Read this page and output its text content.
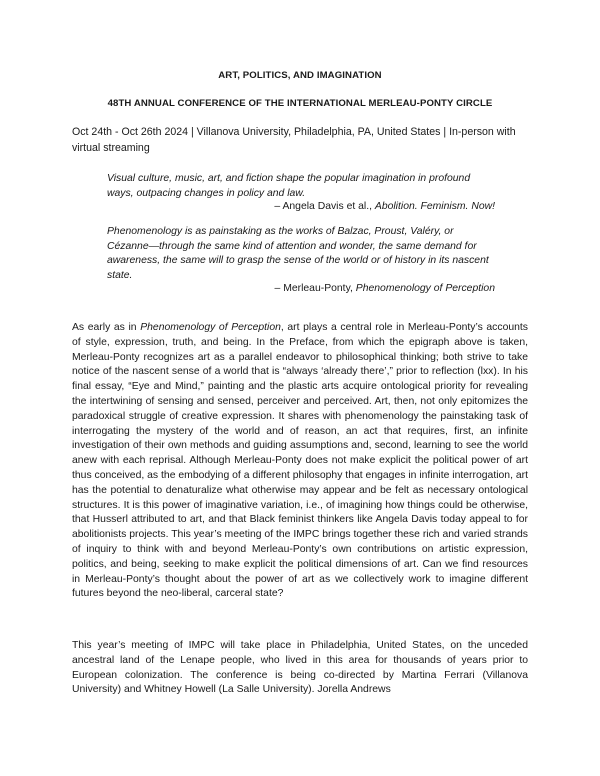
ART, POLITICS, AND IMAGINATION
48TH ANNUAL CONFERENCE OF THE INTERNATIONAL MERLEAU-PONTY CIRCLE
Oct 24th - Oct 26th 2024 | Villanova University, Philadelphia, PA, United States | In-person with virtual streaming
Visual culture, music, art, and fiction shape the popular imagination in profound ways, outpacing changes in policy and law.
– Angela Davis et al., Abolition. Feminism. Now!
Phenomenology is as painstaking as the works of Balzac, Proust, Valéry, or Cézanne—through the same kind of attention and wonder, the same demand for awareness, the same will to grasp the sense of the world or of history in its nascent state.
– Merleau-Ponty, Phenomenology of Perception
As early as in Phenomenology of Perception, art plays a central role in Merleau-Ponty’s accounts of style, expression, truth, and being. In the Preface, from which the epigraph above is taken, Merleau-Ponty recognizes art as a parallel endeavor to philosophical thinking; both strive to take notice of the nascent sense of a world that is “always ‘already there’,” prior to reflection (lxx). In his final essay, “Eye and Mind,” painting and the plastic arts acquire ontological priority for revealing the intertwining of sensing and sensed, perceiver and perceived. Art, then, not only epitomizes the paradoxical struggle of creative expression. It shares with phenomenology the painstaking task of interrogating the mystery of the world and of reason, an act that requires, first, an infinite investigation of their own methods and guiding assumptions and, second, learning to see the world anew with each reprisal. Although Merleau-Ponty does not make explicit the political power of art thus conceived, as the embodying of a different philosophy that engages in infinite interrogation, art has the potential to denaturalize what otherwise may appear and be felt as necessary ontological structures. It is this power of imaginative variation, i.e., of imagining how things could be otherwise, that Husserl attributed to art, and that Black feminist thinkers like Angela Davis today appeal to for abolitionists projects. This year’s meeting of the IMPC brings together these rich and varied strands of inquiry to think with and beyond Merleau-Ponty’s own contributions on artistic expression, politics, and being, seeking to make explicit the political dimensions of art. Can we find resources in Merleau-Ponty’s thought about the power of art as we collectively work to imagine different futures beyond the neo-liberal, carceral state?
This year’s meeting of IMPC will take place in Philadelphia, United States, on the unceded ancestral land of the Lenape people, who lived in this area for thousands of years prior to European colonization. The conference is being co-directed by Martina Ferrari (Villanova University) and Whitney Howell (La Salle University). Jorella Andrews
